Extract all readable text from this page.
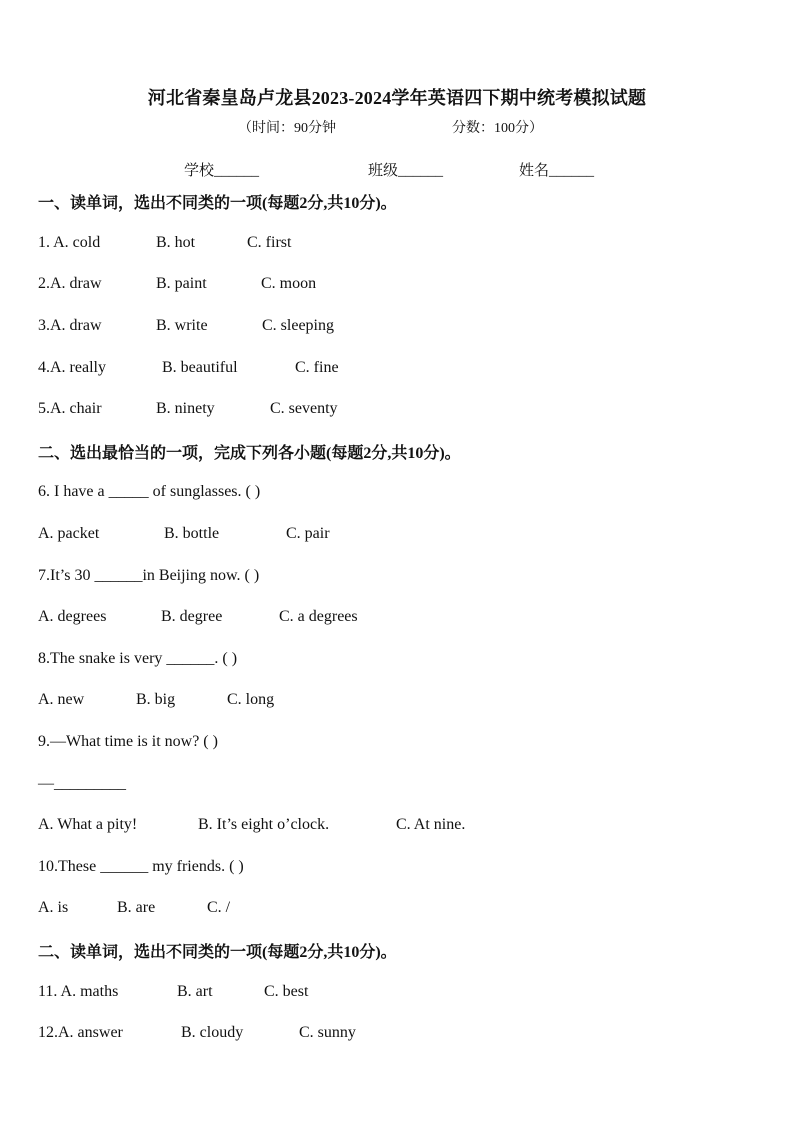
河北省秦皇岛卢龙县2023-2024学年英语四下期中统考模拟试题
（时间：90分钟	分数：100分）
学校______	班级______	姓名______
一、读单词，选出不同类的一项(每题2分,共10分)。
1. A. cold	B. hot	C. first
2.A. draw	B. paint	C. moon
3.A. draw	B. write	C. sleeping
4.A. really	B. beautiful	C. fine
5.A. chair	B. ninety	C. seventy
二、选出最恰当的一项，完成下列各小题(每题2分,共10分)。
6. I have a _____ of sunglasses. ( )
A. packet	B. bottle	C. pair
7.It’s 30 ______in Beijing now. ( )
A. degrees	B. degree	C. a degrees
8.The snake is very ______. ( )
A. new	B. big	C. long
9.—What time is it now? ( )
—_________
A. What a pity!	B. It’s eight o’clock.	C. At nine.
10.These ______ my friends. ( )
A. is	B. are	C. /
二、读单词，选出不同类的一项(每题2分,共10分)。
11. A. maths	B. art	C. best
12.A. answer	B. cloudy	C. sunny
